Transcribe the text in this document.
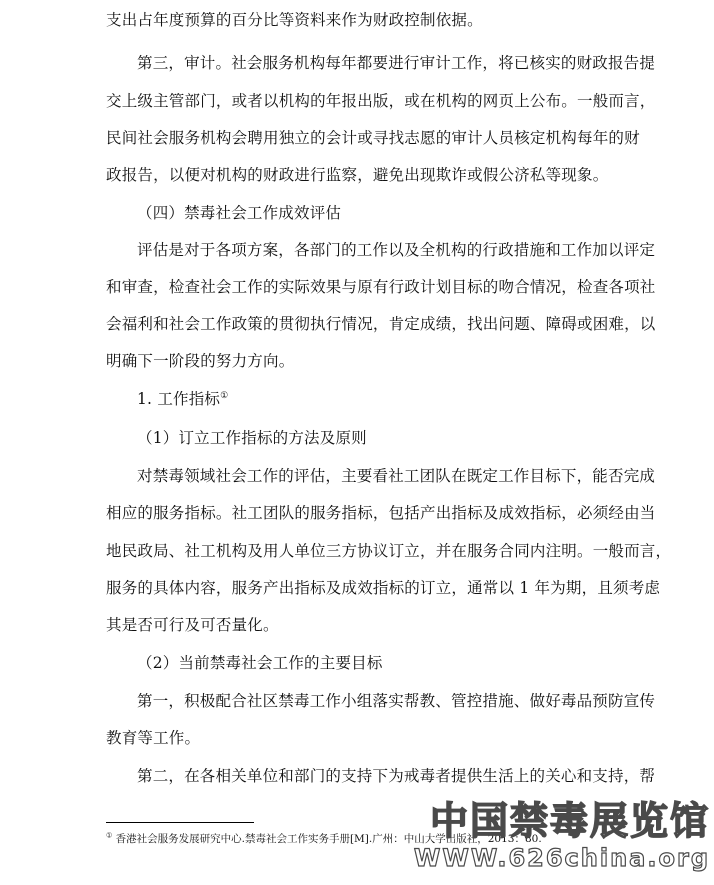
支出占年度预算的百分比等资料来作为财政控制依据。
第三，审计。社会服务机构每年都要进行审计工作，将已核实的财政报告提
交上级主管部门，或者以机构的年报出版，或在机构的网页上公布。一般而言，
民间社会服务机构会聘用独立的会计或寻找志愿的审计人员核定机构每年的财
政报告，以便对机构的财政进行监察，避免出现欺诈或假公济私等现象。
（四）禁毒社会工作成效评估
评估是对于各项方案，各部门的工作以及全机构的行政措施和工作加以评定
和审查，检查社会工作的实际效果与原有行政计划目标的吻合情况，检查各项社
会福利和社会工作政策的贯彻执行情况，肯定成绩，找出问题、障碍或困难，以
明确下一阶段的努力方向。
1. 工作指标①
（1）订立工作指标的方法及原则
对禁毒领域社会工作的评估，主要看社工团队在既定工作目标下，能否完成
相应的服务指标。社工团队的服务指标，包括产出指标及成效指标，必须经由当
地民政局、社工机构及用人单位三方协议订立，并在服务合同内注明。一般而言，
服务的具体内容，服务产出指标及成效指标的订立，通常以 1 年为期，且须考虑
其是否可行及可否量化。
（2）当前禁毒社会工作的主要目标
第一，积极配合社区禁毒工作小组落实帮教、管控措施、做好毒品预防宣传
教育等工作。
第二，在各相关单位和部门的支持下为戒毒者提供生活上的关心和支持，帮
① 香港社会服务发展研究中心.禁毒社会工作实务手册[M].广州：中山大学出版社，2013：80.
中国禁毒展览馆
WWW.626china.org
